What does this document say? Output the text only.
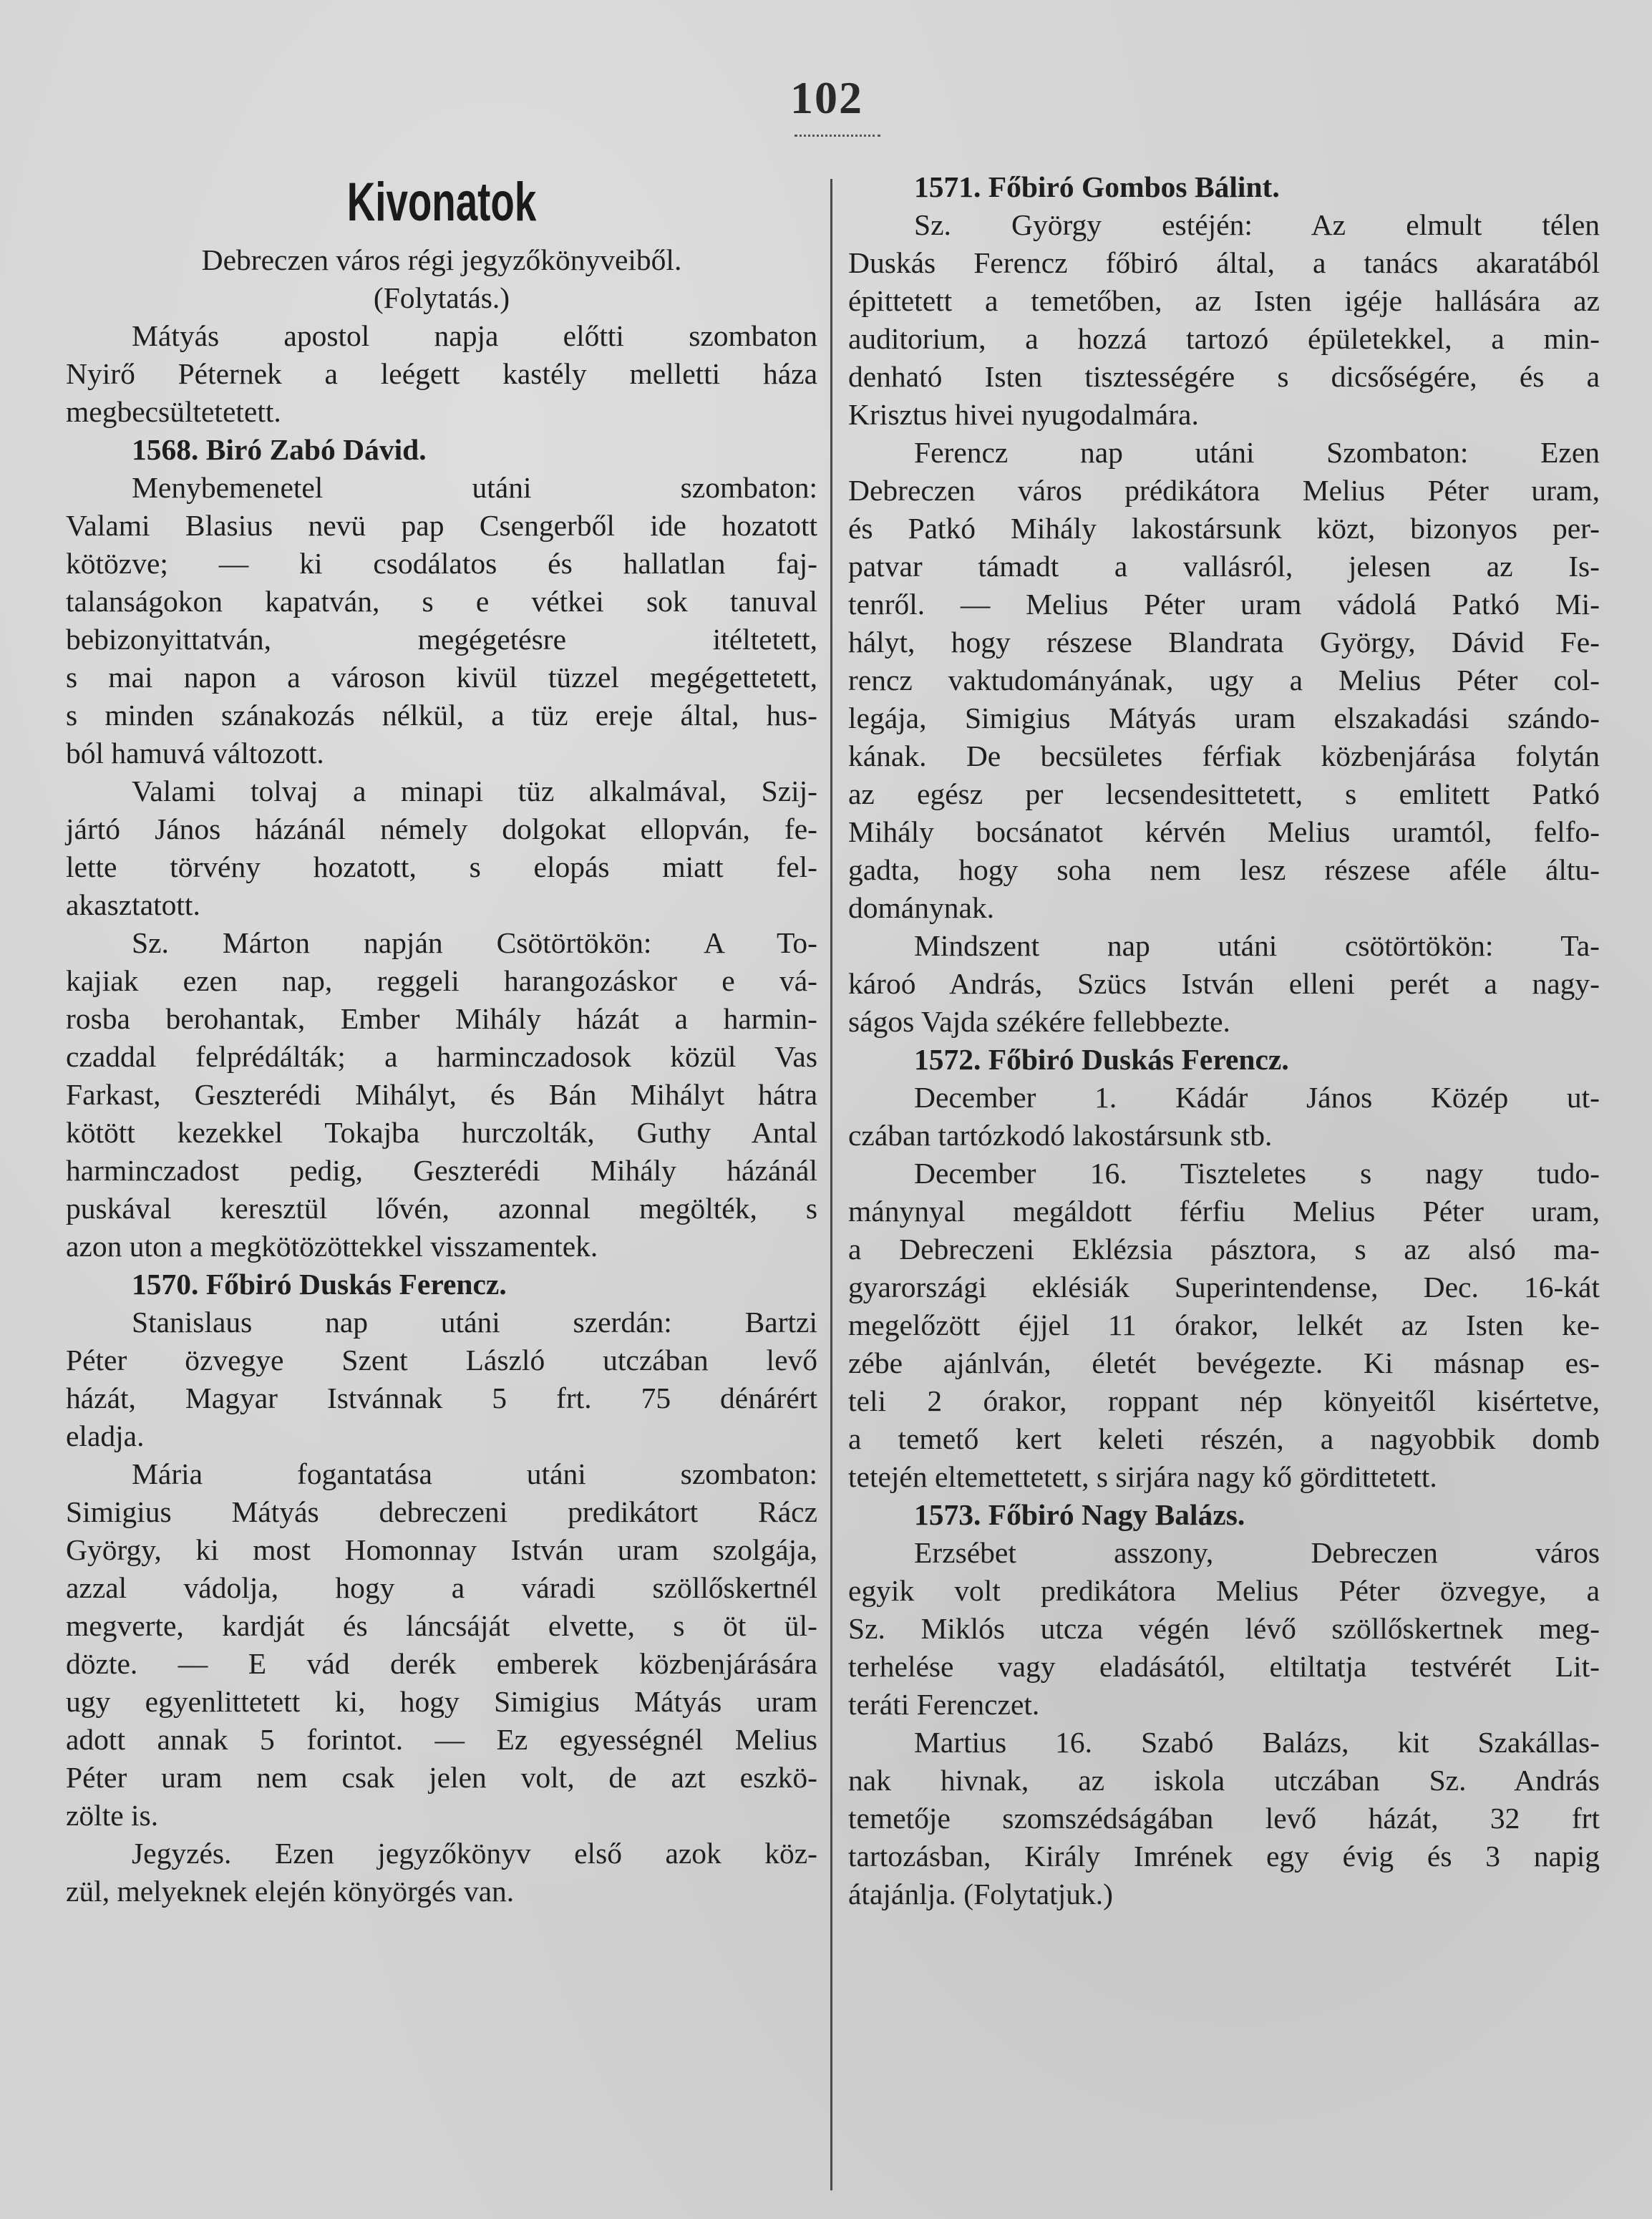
102
Kivonatok
Debreczen város régi jegyzőkönyveiből.
(Folytatás.)
Mátyás apostol napja előtti szombaton
Nyirő Péternek a leégett kastély melletti háza
megbecsültetetett.
1568. Biró Zabó Dávid.
Menybemenetel utáni szombaton:
Valami Blasius nevü pap Csengerből ide hozatott
kötözve; — ki csodálatos és hallatlan faj-
talanságokon kapatván, s e vétkei sok tanuval
bebizonyittatván, megégetésre itéltetett,
s mai napon a városon kivül tüzzel megégettetett,
s minden szánakozás nélkül, a tüz ereje által, hus-
ból hamuvá változott.
Valami tolvaj a minapi tüz alkalmával, Szij-
jártó János házánál némely dolgokat ellopván, fe-
lette törvény hozatott, s elopás miatt fel-
akasztatott.
Sz. Márton napján Csötörtökön: A To-
kajiak ezen nap, reggeli harangozáskor e vá-
rosba berohantak, Ember Mihály házát a harmin-
czaddal felprédálták; a harminczadosok közül Vas
Farkast, Geszterédi Mihályt, és Bán Mihályt hátra
kötött kezekkel Tokajba hurczolták, Guthy Antal
harminczadost pedig, Geszterédi Mihály házánál
puskával keresztül lővén, azonnal megölték, s
azon uton a megkötözöttekkel visszamentek.
1570. Főbiró Duskás Ferencz.
Stanislaus nap utáni szerdán: Bartzi
Péter özvegye Szent László utczában levő
házát, Magyar Istvánnak 5 frt. 75 dénárért
eladja.
Mária fogantatása utáni szombaton:
Simigius Mátyás debreczeni predikátort Rácz
György, ki most Homonnay István uram szolgája,
azzal vádolja, hogy a váradi szöllőskertnél
megverte, kardját és láncsáját elvette, s öt ül-
dözte. — E vád derék emberek közbenjárására
ugy egyenlittetett ki, hogy Simigius Mátyás uram
adott annak 5 forintot. — Ez egyességnél Melius
Péter uram nem csak jelen volt, de azt eszkö-
zölte is.
Jegyzés. Ezen jegyzőkönyv első azok köz-
zül, melyeknek elején könyörgés van.
1571. Főbiró Gombos Bálint.
Sz. György estéjén: Az elmult télen
Duskás Ferencz főbiró által, a tanács akaratából
épittetett a temetőben, az Isten igéje hallására az
auditorium, a hozzá tartozó épületekkel, a min-
denható Isten tisztességére s dicsőségére, és a
Krisztus hivei nyugodalmára.
Ferencz nap utáni Szombaton: Ezen
Debreczen város prédikátora Melius Péter uram,
és Patkó Mihály lakostársunk közt, bizonyos per-
patvar támadt a vallásról, jelesen az Is-
tenről. — Melius Péter uram vádolá Patkó Mi-
hályt, hogy részese Blandrata György, Dávid Fe-
rencz vaktudományának, ugy a Melius Péter col-
legája, Simigius Mátyás uram elszakadási szándo-
kának. De becsületes férfiak közbenjárása folytán
az egész per lecsendesittetett, s emlitett Patkó
Mihály bocsánatot kérvén Melius uramtól, felfo-
gadta, hogy soha nem lesz részese aféle áltu-
dománynak.
Mindszent nap utáni csötörtökön: Ta-
károó András, Szücs István elleni perét a nagy-
ságos Vajda székére fellebbezte.
1572. Főbiró Duskás Ferencz.
December 1. Kádár János Közép ut-
czában tartózkodó lakostársunk stb.
December 16. Tiszteletes s nagy tudo-
mánynyal megáldott férfiu Melius Péter uram,
a Debreczeni Eklézsia pásztora, s az alsó ma-
gyarországi eklésiák Superintendense, Dec. 16-kát
megelőzött éjjel 11 órakor, lelkét az Isten ke-
zébe ajánlván, életét bevégezte. Ki másnap es-
teli 2 órakor, roppant nép könyeitől kisértetve,
a temető kert keleti részén, a nagyobbik domb
tetején eltemettetett, s sirjára nagy kő gördittetett.
1573. Főbiró Nagy Balázs.
Erzsébet asszony, Debreczen város
egyik volt predikátora Melius Péter özvegye, a
Sz. Miklós utcza végén lévő szöllőskertnek meg-
terhelése vagy eladásától, eltiltatja testvérét Lit-
teráti Ferenczet.
Martius 16. Szabó Balázs, kit Szakállas-
nak hivnak, az iskola utczában Sz. András
temetője szomszédságában levő házát, 32 frt
tartozásban, Király Imrének egy évig és 3 napig
átajánlja. (Folytatjuk.)
